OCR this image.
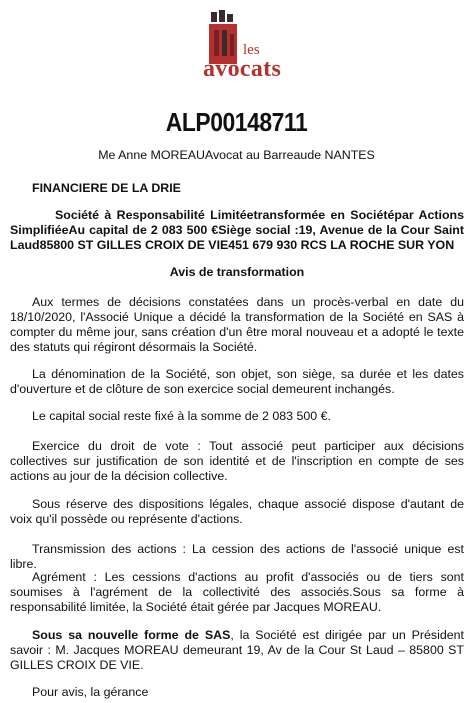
les
avocats
ALP00148711
Me Anne MOREAUAvocat au Barreaude NANTES
FINANCIERE DE LA DRIE
Société à Responsabilité Limitéetransformée en Sociétépar Actions SimplifiéeAu capital de 2 083 500 €Siège social :19, Avenue de la Cour Saint Laud85800 ST GILLES CROIX DE VIE451 679 930 RCS LA ROCHE SUR YON
Avis de transformation
Aux termes de décisions constatées dans un procès-verbal en date du 18/10/2020, l'Associé Unique a décidé la transformation de la Société en SAS à compter du même jour, sans création d'un être moral nouveau et a adopté le texte des statuts qui régiront désormais la Société.
La dénomination de la Société, son objet, son siège, sa durée et les dates d'ouverture et de clôture de son exercice social demeurent inchangés.
Le capital social reste fixé à la somme de 2 083 500 €.
Exercice du droit de vote : Tout associé peut participer aux décisions collectives sur justification de son identité et de l'inscription en compte de ses actions au jour de la décision collective.
Sous réserve des dispositions légales, chaque associé dispose d'autant de voix qu'il possède ou représente d'actions.
Transmission des actions : La cession des actions de l'associé unique est libre.
Agrément : Les cessions d'actions au profit d'associés ou de tiers sont soumises à l'agrément de la collectivité des associés.Sous sa forme à responsabilité limitée, la Société était gérée par Jacques MOREAU.
Sous sa nouvelle forme de SAS, la Société est dirigée par un Président savoir : M. Jacques MOREAU demeurant 19, Av de la Cour St Laud – 85800 ST GILLES CROIX DE VIE.
Pour avis, la gérance
